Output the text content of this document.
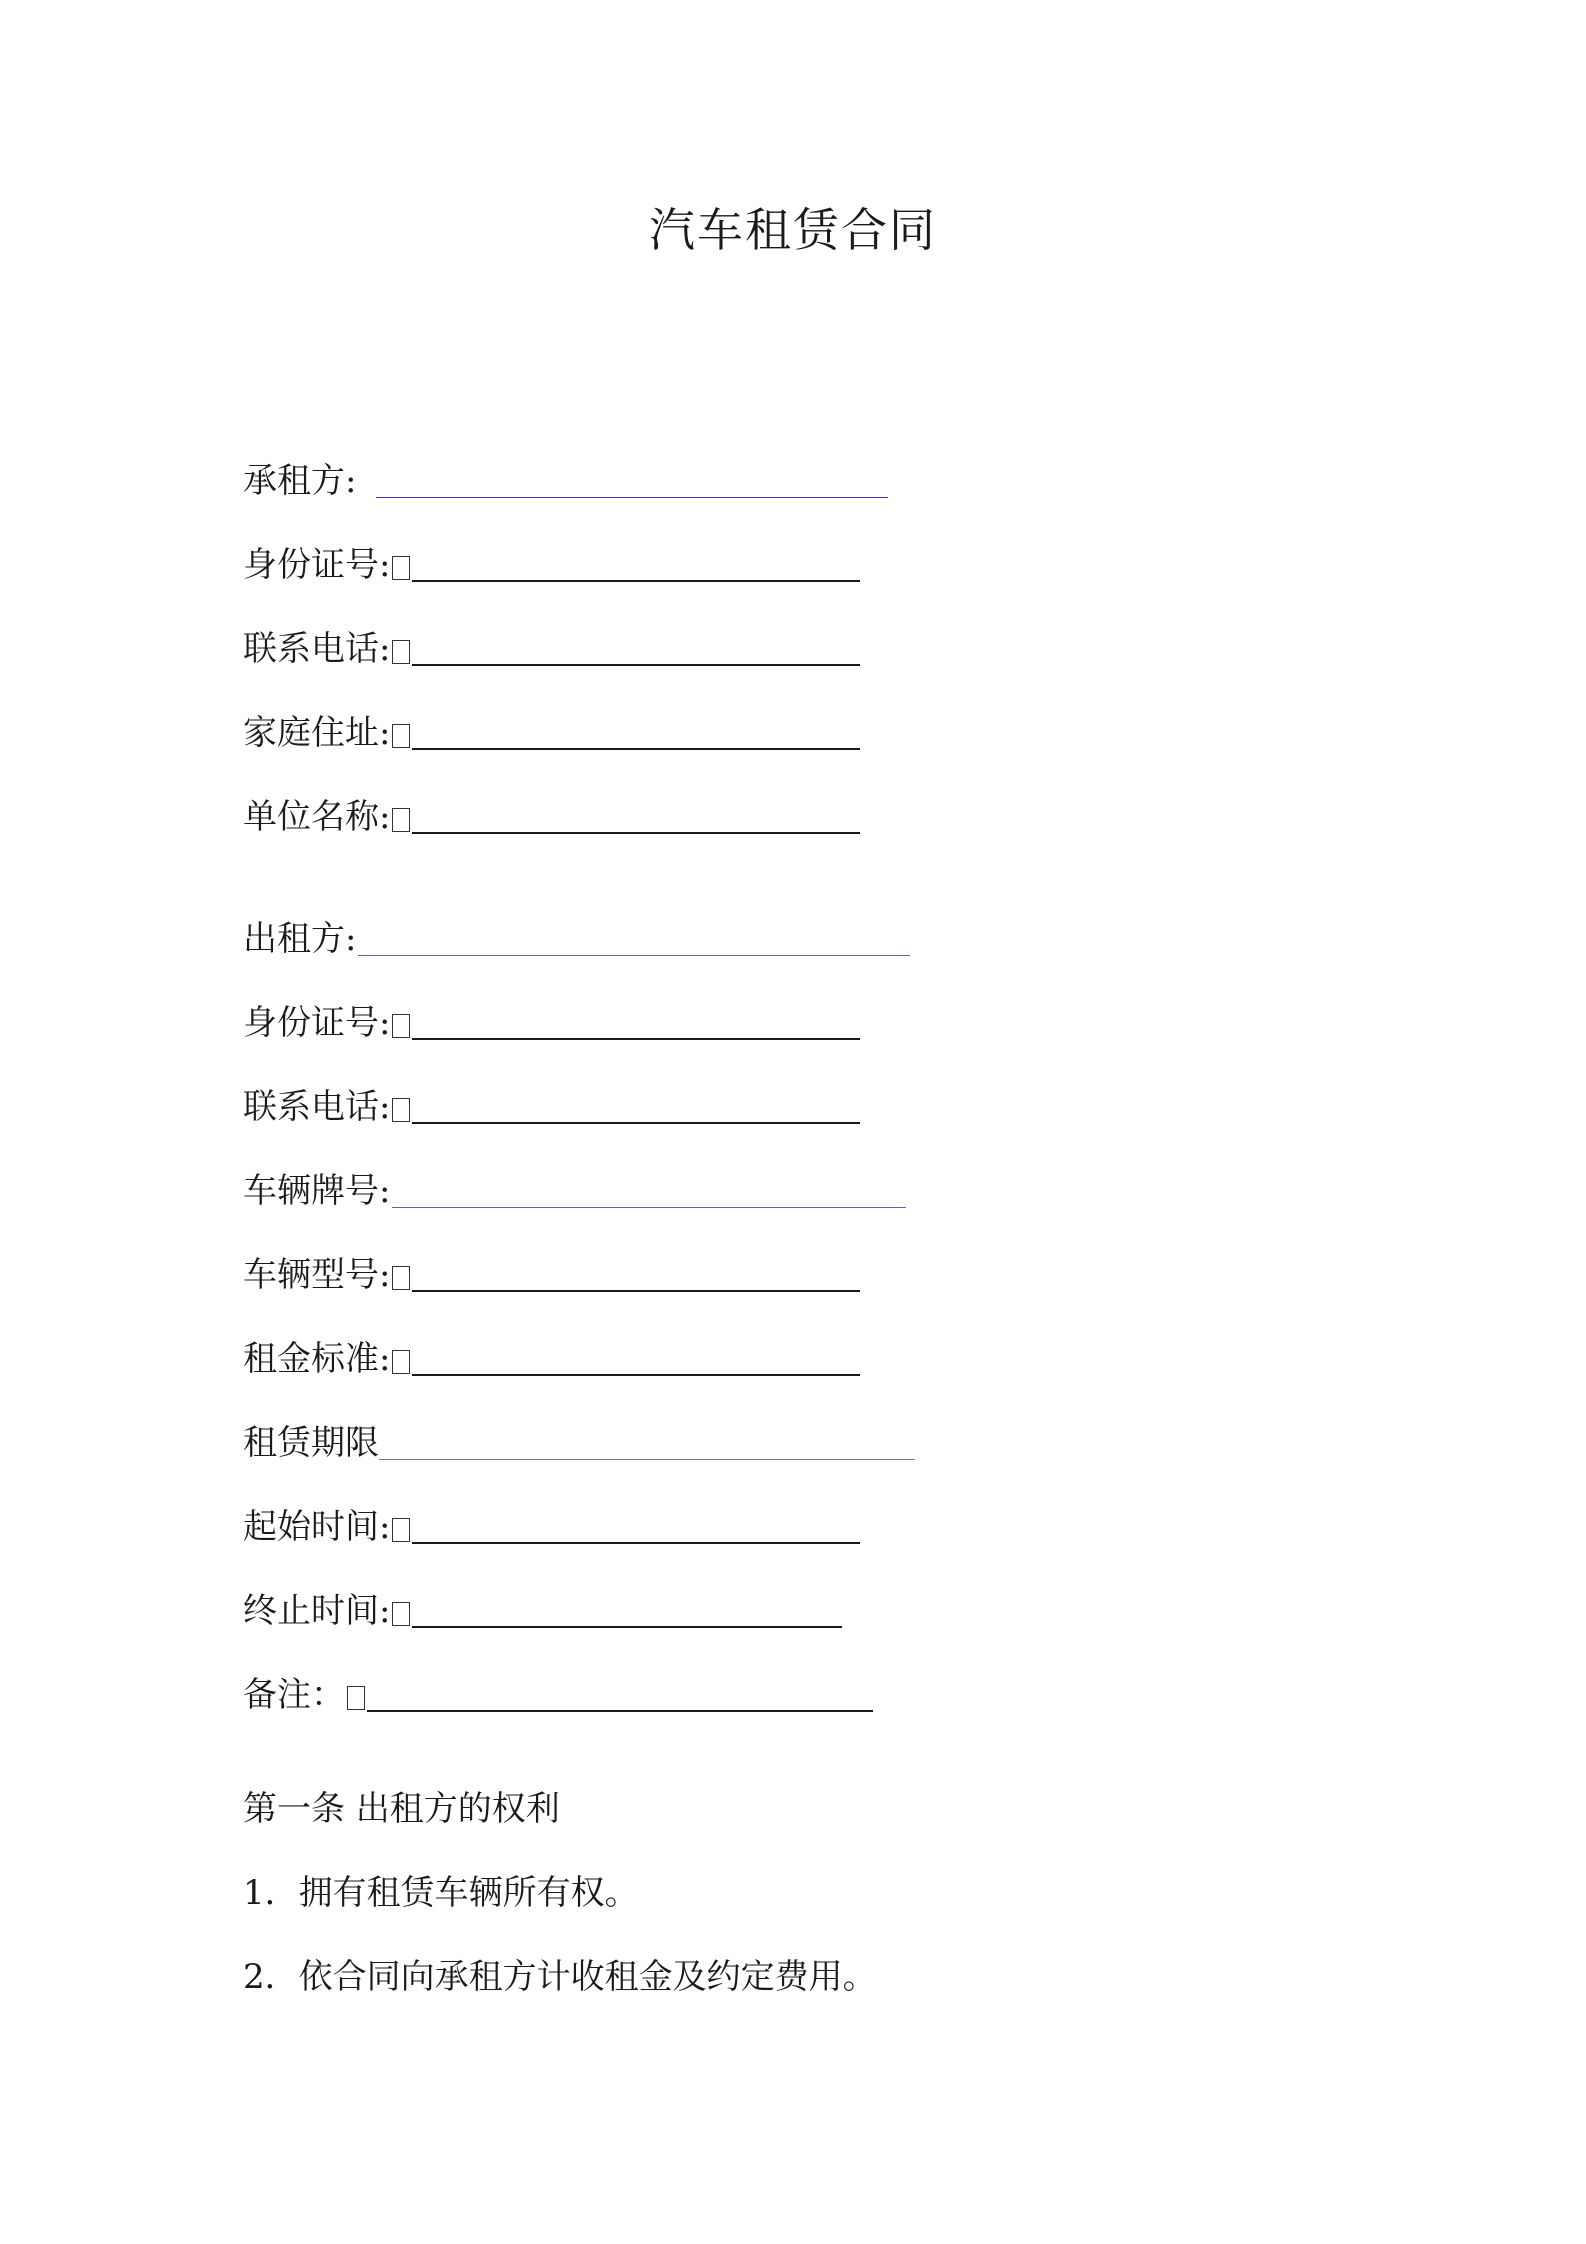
汽车租赁合同
承租方:
身份证号:
联系电话:
家庭住址:
单位名称:
出租方:
身份证号:
联系电话:
车辆牌号:
车辆型号:
租金标准:
租赁期限
起始时间:
终止时间:
备注：
第一条 出租方的权利
1．拥有租赁车辆所有权。
2．依合同向承租方计收租金及约定费用。
